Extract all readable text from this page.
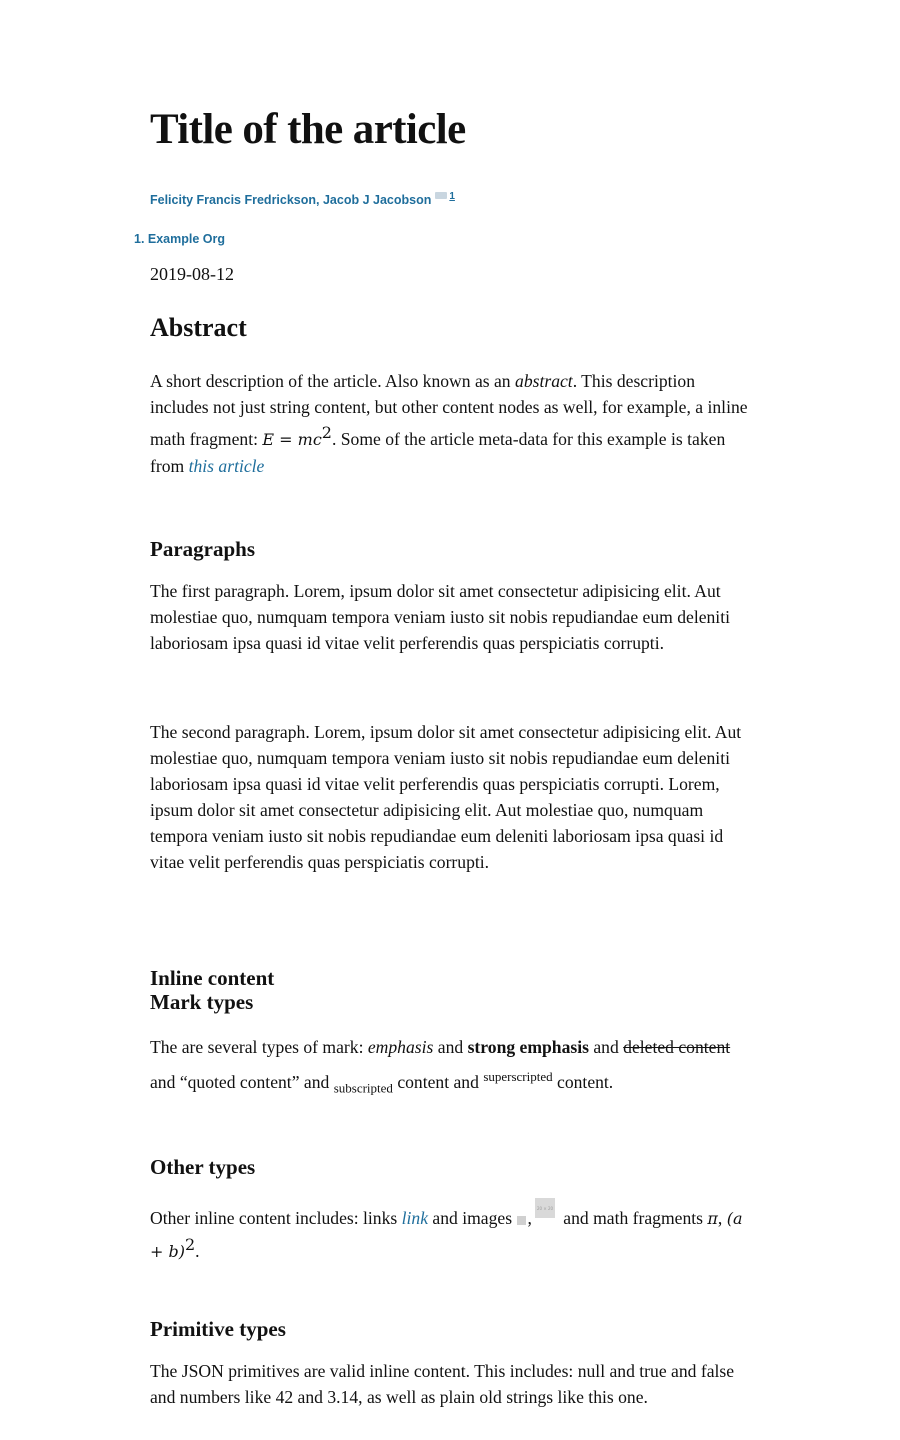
Title of the article
Felicity Francis Fredrickson, Jacob J Jacobson $^1$
1. Example Org
2019-08-12
Abstract

A short description of the article. Also known as an abstract. This description includes not just string content, but other content nodes as well, for example, a inline math fragment: $E = mc^2$. Some of the article meta-data for this example is taken from this article

Paragraphs

The first paragraph. Lorem, ipsum dolor sit amet consectetur adipisicing elit. Aut molestiae quo, numquam tempora veniam iusto sit nobis repudiandae eum deleniti laboriosam ipsa quasi id vitae velit perferendis quas perspiciatis corrupti.

The second paragraph. Lorem, ipsum dolor sit amet consectetur adipisicing elit. Aut molestiae quo, numquam tempora veniam iusto sit nobis repudiandae eum deleniti laboriosam ipsa quasi id vitae velit perferendis quas perspiciatis corrupti. Lorem, ipsum dolor sit amet consectetur adipisicing elit. Aut molestiae quo, numquam tempora veniam iusto sit nobis repudiandae eum deleniti laboriosam ipsa quasi id vitae velit perferendis quas perspiciatis corrupti.

Inline content
Mark types

The are several types of mark: emphasis and strong emphasis and deleted content and “quoted content” and $_{subscripted}$ content and $^{superscripted}$ content.

Other types

Other inline content includes: links link and images , 20 × 20 and math fragments π, $(a + b)^2$.

Primitive types

The JSON primitives are valid inline content. This includes: null and true and false and numbers like 42 and 3.14, as well as plain old strings like this one.
